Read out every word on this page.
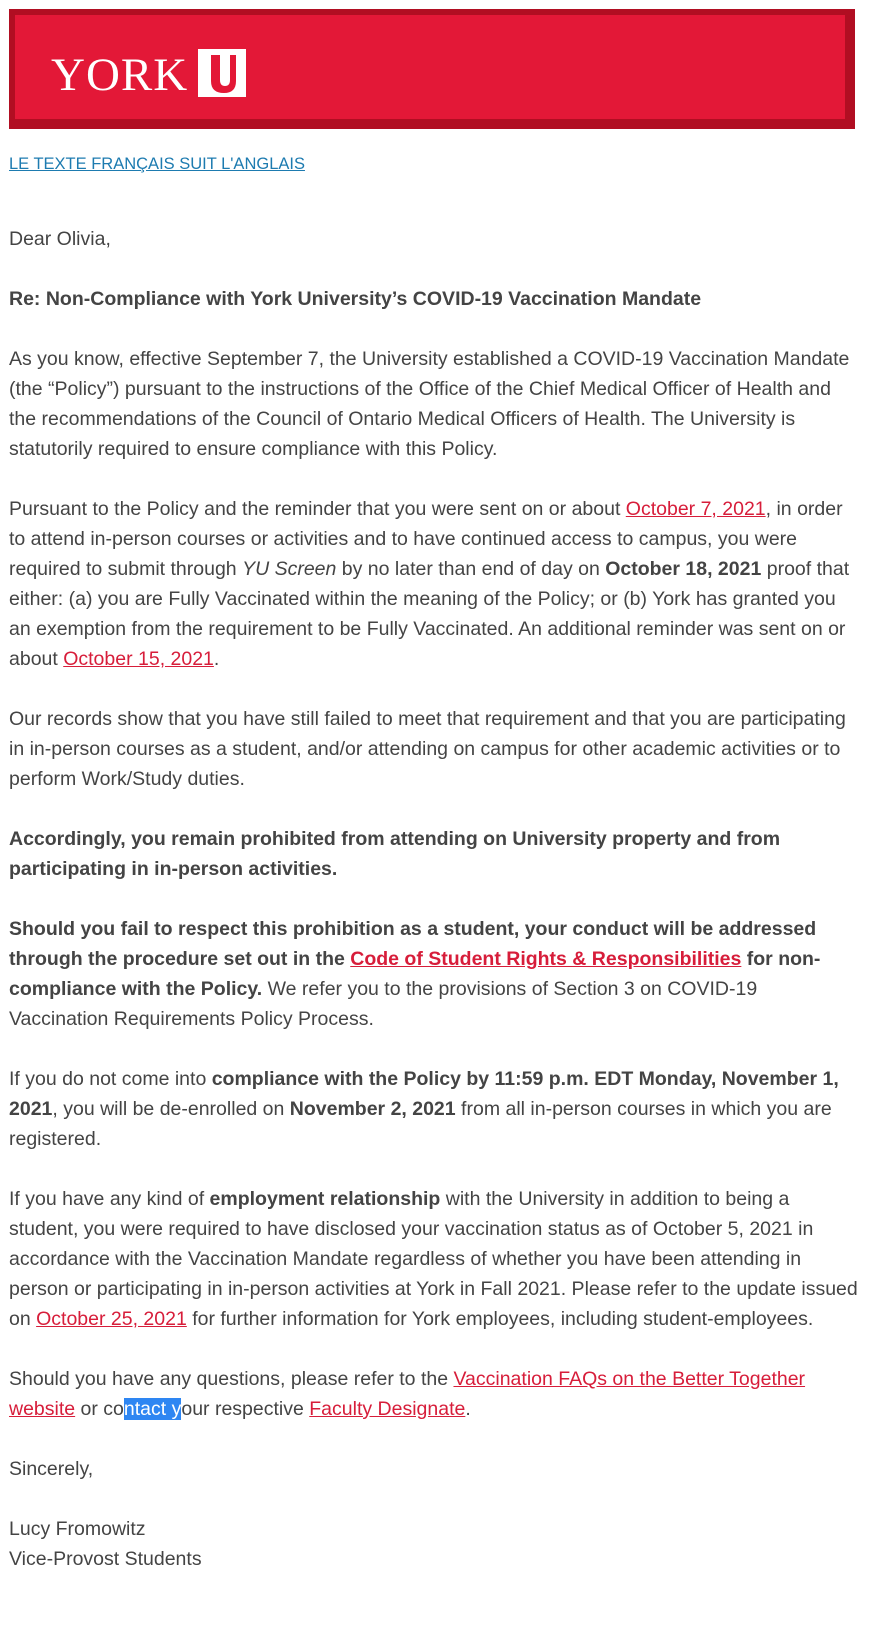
YORK
LE TEXTE FRANÇAIS SUIT L'ANGLAIS

Dear Olivia,

Re: Non-Compliance with York University’s COVID-19 Vaccination Mandate

As you know, effective September 7, the University established a COVID-19 Vaccination Mandate (the “Policy”) pursuant to the instructions of the Office of the Chief Medical Officer of Health and the recommendations of the Council of Ontario Medical Officers of Health. The University is statutorily required to ensure compliance with this Policy.

Pursuant to the Policy and the reminder that you were sent on or about October 7, 2021, in order to attend in-person courses or activities and to have continued access to campus, you were required to submit through YU Screen by no later than end of day on October 18, 2021 proof that either: (a) you are Fully Vaccinated within the meaning of the Policy; or (b) York has granted you an exemption from the requirement to be Fully Vaccinated. An additional reminder was sent on or about October 15, 2021.

Our records show that you have still failed to meet that requirement and that you are participating in in-person courses as a student, and/or attending on campus for other academic activities or to perform Work/Study duties.

Accordingly, you remain prohibited from attending on University property and from participating in in-person activities.

Should you fail to respect this prohibition as a student, your conduct will be addressed through the procedure set out in the Code of Student Rights & Responsibilities for non-compliance with the Policy. We refer you to the provisions of Section 3 on COVID-19 Vaccination Requirements Policy Process.

If you do not come into compliance with the Policy by 11:59 p.m. EDT Monday, November 1, 2021, you will be de-enrolled on November 2, 2021 from all in-person courses in which you are registered.

If you have any kind of employment relationship with the University in addition to being a student, you were required to have disclosed your vaccination status as of October 5, 2021 in accordance with the Vaccination Mandate regardless of whether you have been attending in person or participating in in-person activities at York in Fall 2021. Please refer to the update issued on October 25, 2021 for further information for York employees, including student-employees.

Should you have any questions, please refer to the Vaccination FAQs on the Better Together website or contact your respective Faculty Designate.

Sincerely,

Lucy Fromowitz

Vice-Provost Students
